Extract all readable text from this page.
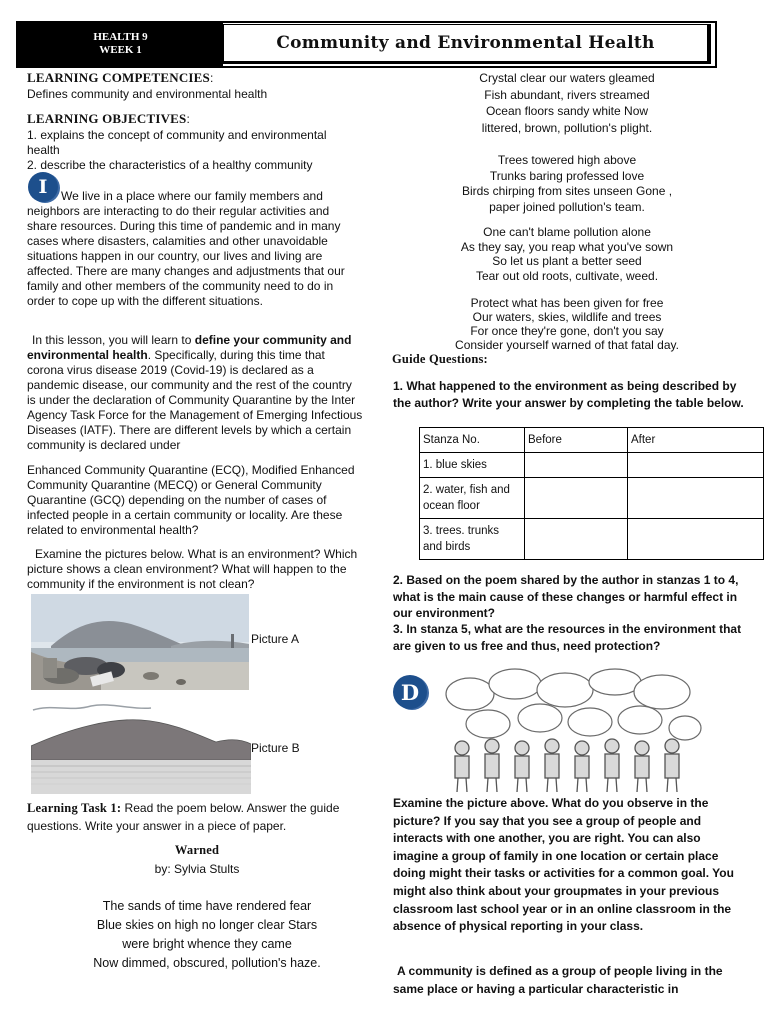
HEALTH 9
WEEK 1	Community and Environmental Health
LEARNING COMPETENCIES:
Defines community and environmental health
LEARNING OBJECTIVES:
1. explains the concept of community and environmental health
2. describe the characteristics of a healthy community
I	We live in a place where our family members and neighbors are interacting to do their regular activities and share resources. During this time of pandemic and in many cases where disasters, calamities and other unavoidable situations happen in our country, our lives and living are affected. There are many changes and adjustments that our family and other members of the community need to do in order to cope up with the different situations.
In this lesson, you will learn to define your community and environmental health. Specifically, during this time that corona virus disease 2019 (Covid-19) is declared as a pandemic disease, our community and the rest of the country is under the declaration of Community Quarantine by the Inter Agency Task Force for the Management of Emerging Infectious Diseases (IATF). There are different levels by which a certain community is declared under
Enhanced Community Quarantine (ECQ), Modified Enhanced Community Quarantine (MECQ) or General Community Quarantine (GCQ) depending on the number of cases of infected people in a certain community or locality. Are these related to environmental health?
Examine the pictures below. What is an environment? Which picture shows a clean environment? What will happen to the community if the environment is not clean?
Picture A
Picture B
Learning Task 1: Read the poem below. Answer the guide questions. Write your answer in a piece of paper.
Warned
by: Sylvia Stults
The sands of time have rendered fear
Blue skies on high no longer clear Stars
were bright whence they came
Now dimmed, obscured, pollution's haze.
Crystal clear our waters gleamed
Fish abundant, rivers streamed
Ocean floors sandy white Now
littered, brown, pollution's plight.
Trees towered high above
Trunks baring professed love
Birds chirping from sites unseen Gone ,
paper joined pollution's team.
One can't blame pollution alone
As they say, you reap what you've sown
So let us plant a better seed
Tear out old roots, cultivate, weed.
Protect what has been given for free
Our waters, skies, wildlife and trees
For once they're gone, don't you say
Consider yourself warned of that fatal day.
Guide Questions:
1. What happened to the environment as being described by the author? Write your answer by completing the table below.
Stanza No.	Before	After
1. blue skies		
2. water, fish and ocean floor		
3. trees. trunks and birds		
2. Based on the poem shared by the author in stanzas 1 to 4, what is the main cause of these changes or harmful effect in our environment?
3. In stanza 5, what are the resources in the environment that are given to us free and thus, need protection?
D
Examine the picture above. What do you observe in the picture? If you say that you see a group of people and interacts with one another, you are right. You can also imagine a group of family in one location or certain place doing might their tasks or activities for a common goal. You might also think about your groupmates in your previous classroom last school year or in an online classroom in the absence of physical reporting in your class.
A community is defined as a group of people living in the same place or having a particular characteristic in
